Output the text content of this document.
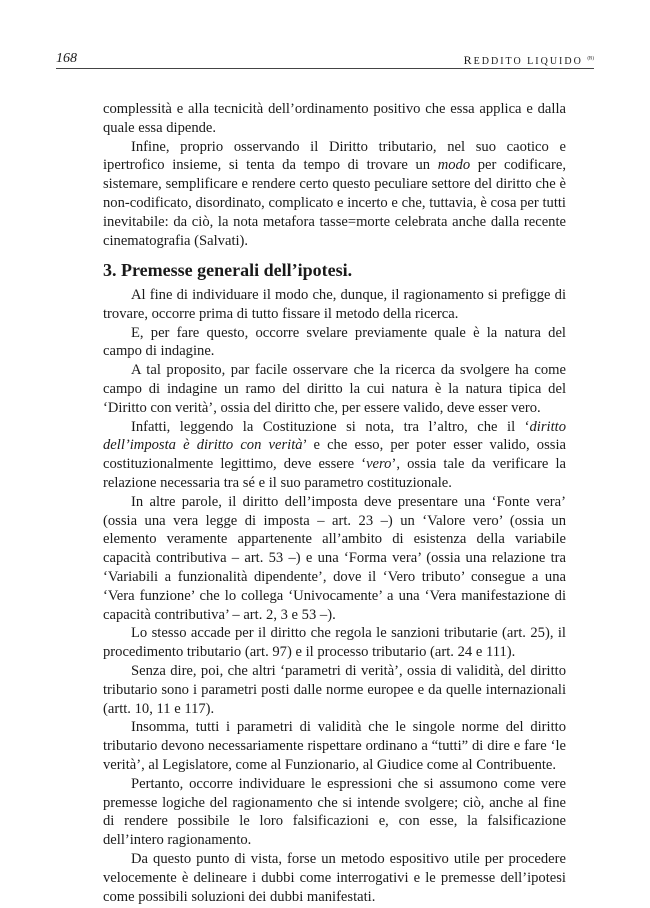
168	REDDITO LIQUIDO $^{(R)}$

complessità e alla tecnicità dell’ordinamento positivo che essa applica e dalla quale essa dipende.

Infine, proprio osservando il Diritto tributario, nel suo caotico e ipertrofico insieme, si tenta da tempo di trovare un modo per codificare, sistemare, semplificare e rendere certo questo peculiare settore del diritto che è non-codificato, disordinato, complicato e incerto e che, tuttavia, è cosa per tutti inevitabile: da ciò, la nota metafora tasse=morte celebrata anche dalla recente cinematografia (Salvati).

3. Premesse generali dell’ipotesi.

Al fine di individuare il modo che, dunque, il ragionamento si prefigge di trovare, occorre prima di tutto fissare il metodo della ricerca.

E, per fare questo, occorre svelare previamente quale è la natura del campo di indagine.

A tal proposito, par facile osservare che la ricerca da svolgere ha come campo di indagine un ramo del diritto la cui natura è la natura tipica del ‘Diritto con verità’, ossia del diritto che, per essere valido, deve esser vero.

Infatti, leggendo la Costituzione si nota, tra l’altro, che il ‘diritto dell’imposta è diritto con verità’ e che esso, per poter esser valido, ossia costituzionalmente legittimo, deve essere ‘vero’, ossia tale da verificare la relazione necessaria tra sé e il suo parametro costituzionale.

In altre parole, il diritto dell’imposta deve presentare una ‘Fonte vera’ (ossia una vera legge di imposta – art. 23 –) un ‘Valore vero’ (ossia un elemento veramente appartenente all’ambito di esistenza della variabile capacità contributiva – art. 53 –) e una ‘Forma vera’ (ossia una relazione tra ‘Variabili a funzionalità dipendente’, dove il ‘Vero tributo’ consegue a una ‘Vera funzione’ che lo collega ‘Univocamente’ a una ‘Vera manifestazione di capacità contributiva’ – art. 2, 3 e 53 –).

Lo stesso accade per il diritto che regola le sanzioni tributarie (art. 25), il procedimento tributario (art. 97) e il processo tributario (art. 24 e 111).

Senza dire, poi, che altri ‘parametri di verità’, ossia di validità, del diritto tributario sono i parametri posti dalle norme europee e da quelle internazionali (artt. 10, 11 e 117).

Insomma, tutti i parametri di validità che le singole norme del diritto tributario devono necessariamente rispettare ordinano a “tutti” di dire e fare ‘le verità’, al Legislatore, come al Funzionario, al Giudice come al Contribuente.

Pertanto, occorre individuare le espressioni che si assumono come vere premesse logiche del ragionamento che si intende svolgere; ciò, anche al fine di rendere possibile le loro falsificazioni e, con esse, la falsificazione dell’intero ragionamento.

Da questo punto di vista, forse un metodo espositivo utile per procedere velocemente è delineare i dubbi come interrogativi e le premesse dell’ipotesi come possibili soluzioni dei dubbi manifestati.
